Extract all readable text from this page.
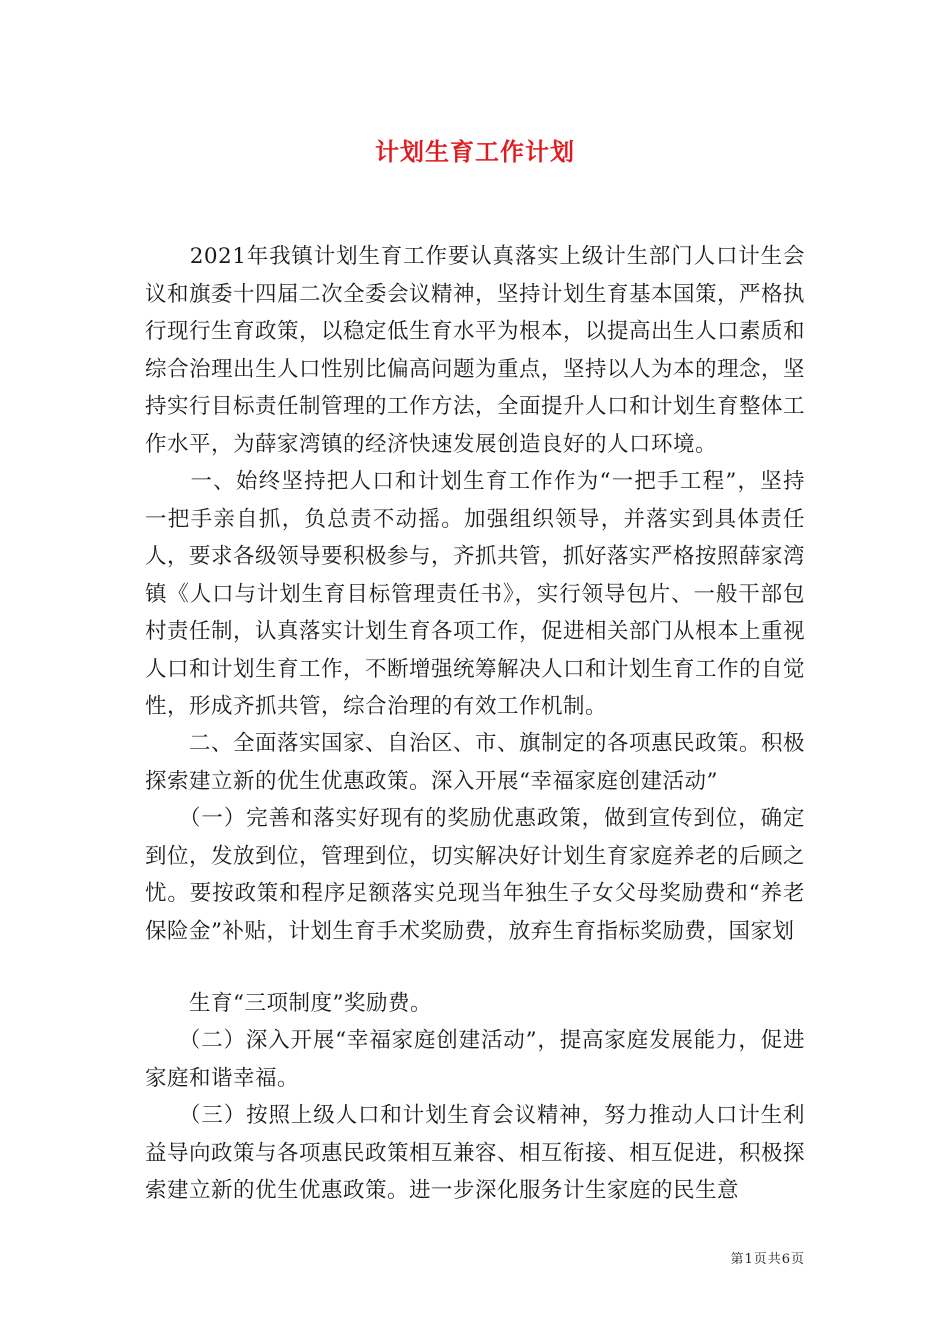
计划生育工作计划

　　2021年我镇计划生育工作要认真落实上级计生部门人口计生会议和旗委十四届二次全委会议精神，坚持计划生育基本国策，严格执行现行生育政策，以稳定低生育水平为根本，以提高出生人口素质和综合治理出生人口性别比偏高问题为重点，坚持以人为本的理念，坚持实行目标责任制管理的工作方法，全面提升人口和计划生育整体工作水平，为薛家湾镇的经济快速发展创造良好的人口环境。

　　一、始终坚持把人口和计划生育工作作为“一把手工程”，坚持一把手亲自抓，负总责不动摇。加强组织领导，并落实到具体责任人，要求各级领导要积极参与，齐抓共管，抓好落实严格按照薛家湾镇《人口与计划生育目标管理责任书》，实行领导包片、一般干部包村责任制，认真落实计划生育各项工作，促进相关部门从根本上重视人口和计划生育工作，不断增强统筹解决人口和计划生育工作的自觉性，形成齐抓共管，综合治理的有效工作机制。

　　二、全面落实国家、自治区、市、旗制定的各项惠民政策。积极探索建立新的优生优惠政策。深入开展“幸福家庭创建活动”

　　（一）完善和落实好现有的奖励优惠政策，做到宣传到位，确定到位，发放到位，管理到位，切实解决好计划生育家庭养老的后顾之忧。要按政策和程序足额落实兑现当年独生子女父母奖励费和“养老保险金”补贴，计划生育手术奖励费，放弃生育指标奖励费，国家划

　　生育“三项制度”奖励费。

　　（二）深入开展“幸福家庭创建活动”，提高家庭发展能力，促进家庭和谐幸福。

　　（三）按照上级人口和计划生育会议精神，努力推动人口计生利益导向政策与各项惠民政策相互兼容、相互衔接、相互促进，积极探索建立新的优生优惠政策。进一步深化服务计生家庭的民生意

第1页共6页
